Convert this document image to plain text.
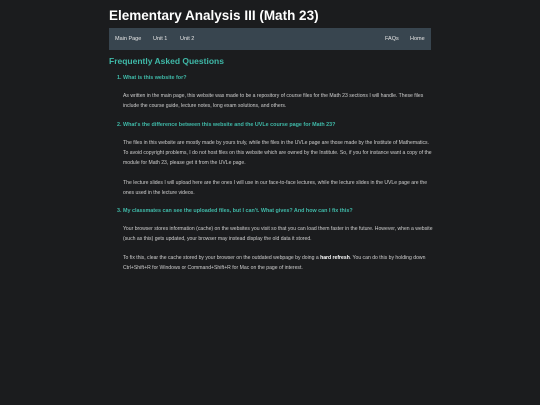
Elementary Analysis III (Math 23)
Main Page Unit 1 Unit 2	FAQs Home
Frequently Asked Questions

1. What is this website for?

As written in the main page, this website was made to be a repository of course files for the Math 23 sections I will handle. These files include the course guide, lecture notes, long exam solutions, and others.

2. What's the difference between this website and the UVLe course page for Math 23?

The files in this website are mostly made by yours truly, while the files in the UVLe page are those made by the Institute of Mathematics. To avoid copyright problems, I do not host files on this website which are owned by the Institute. So, if you for instance want a copy of the module for Math 23, please get it from the UVLe page.

The lecture slides I will upload here are the ones I will use in our face-to-face lectures, while the lecture slides in the UVLe page are the ones used in the lecture videos.

3. My classmates can see the uploaded files, but I can't. What gives? And how can I fix this?

Your browser stores information (cache) on the websites you visit so that you can load them faster in the future. However, when a website (such as this) gets updated, your browser may instead display the old data it stored.

To fix this, clear the cache stored by your browser on the outdated webpage by doing a hard refresh. You can do this by holding down Ctrl+Shift+R for Windows or Command+Shift+R for Mac on the page of interest.
